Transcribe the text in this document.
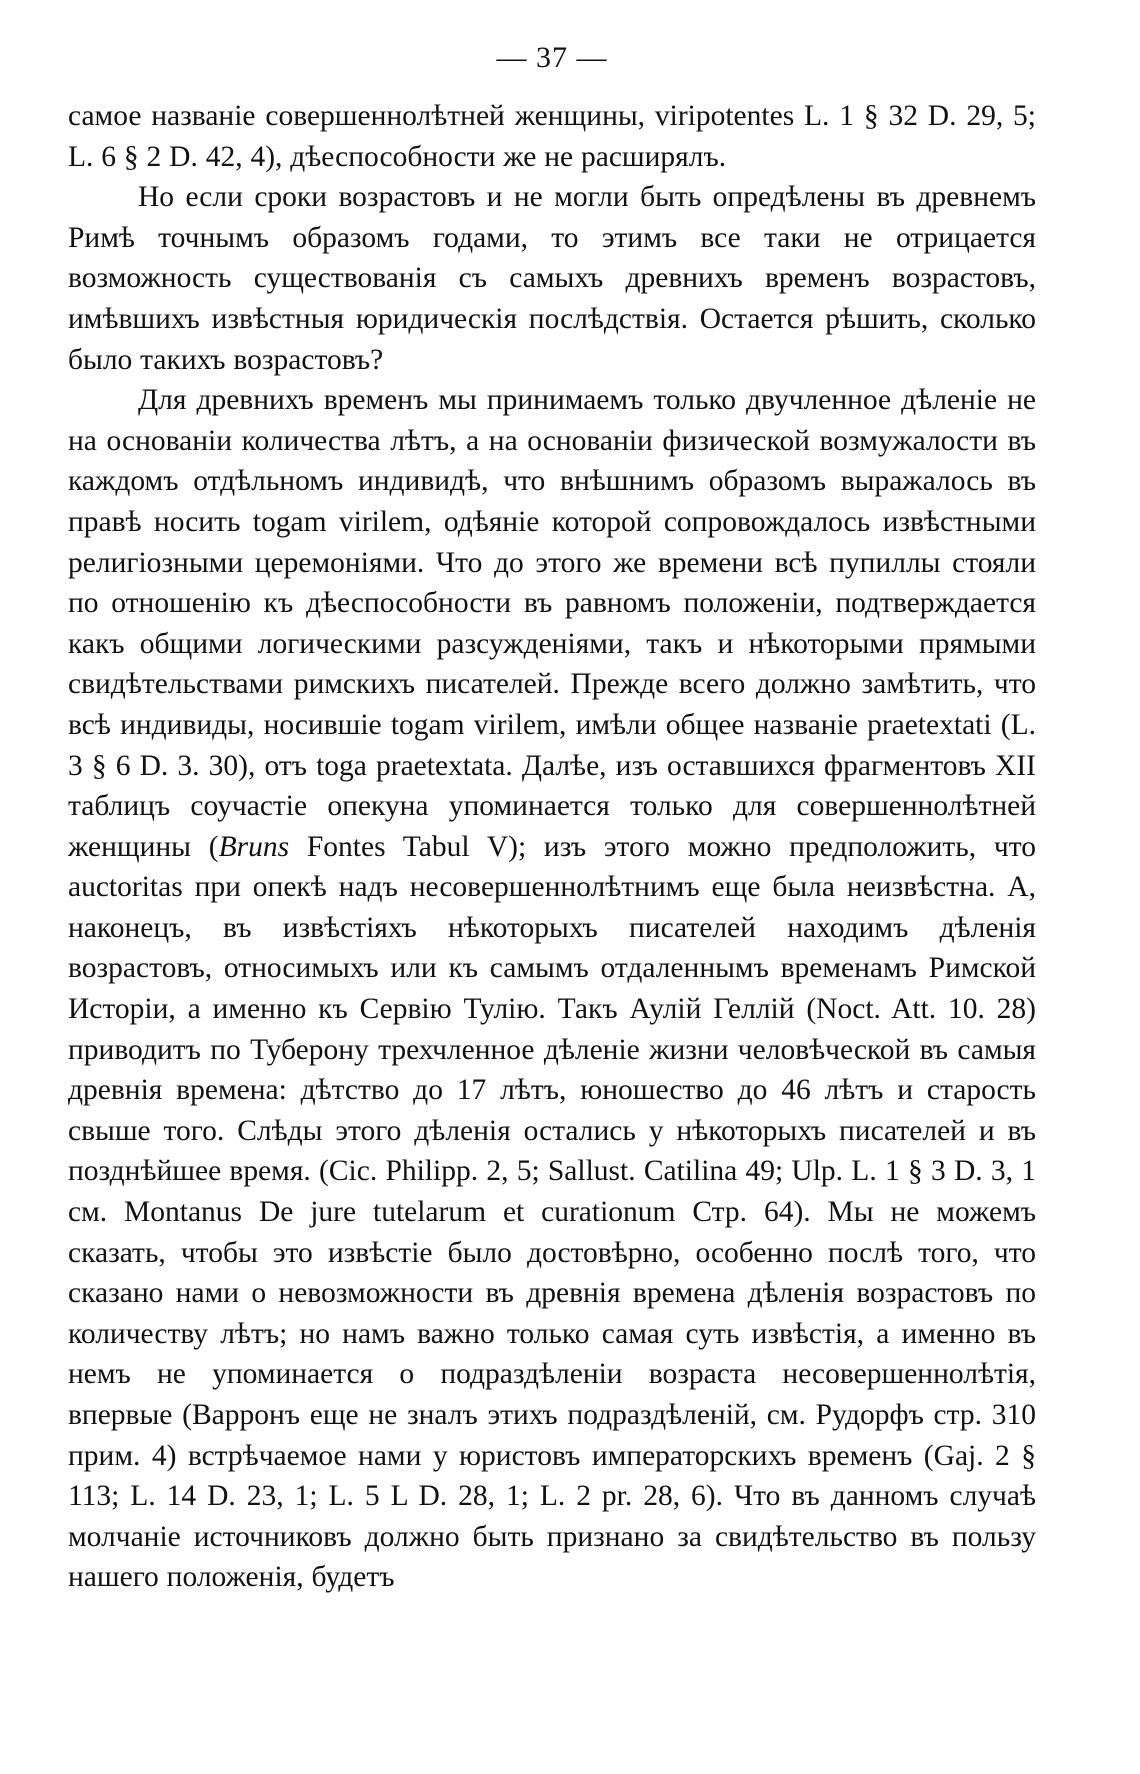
— 37 —

самое названіе совершеннолѣтней женщины, viripotentes L. 1 § 32 D. 29, 5; L. 6 § 2 D. 42, 4), дѣеспособности же не расширялъ.

Но если сроки возрастовъ и не могли быть опредѣлены въ древнемъ Римѣ точнымъ образомъ годами, то этимъ все таки не отрицается возможность существованія съ самыхъ древнихъ временъ возрастовъ, имѣвшихъ извѣстныя юридическія послѣдствія. Остается рѣшить, сколько было такихъ возрастовъ?

Для древнихъ временъ мы принимаемъ только двучленное дѣленіе не на основаніи количества лѣтъ, а на основаніи физической возмужалости въ каждомъ отдѣльномъ индивидѣ, что внѣшнимъ образомъ выражалось въ правѣ носить togam virilem, одѣяніе которой сопровождалось извѣстными религіозными церемоніями. Что до этого же времени всѣ пупиллы стояли по отношенію къ дѣеспособности въ равномъ положеніи, подтверждается какъ общими логическими разсужденіями, такъ и нѣкоторыми прямыми свидѣтельствами римскихъ писателей. Прежде всего должно замѣтить, что всѣ индивиды, носившіе togam virilem, имѣли общее названіе praetextati (L. 3 § 6 D. 3. 30), отъ toga praetextata. Далѣе, изъ оставшихся фрагментовъ XII таблицъ соучастіе опекуна упоминается только для совершеннолѣтней женщины (Bruns Fontes Tabul V); изъ этого можно предположить, что auctoritas при опекѣ надъ несовершеннолѣтнимъ еще была неизвѣстна. А, наконецъ, въ извѣстіяхъ нѣкоторыхъ писателей находимъ дѣленія возрастовъ, относимыхъ или къ самымъ отдаленнымъ временамъ Римской Исторіи, а именно къ Сервію Тулію. Такъ Аулій Геллій (Noct. Att. 10. 28) приводитъ по Туберону трехчленное дѣленіе жизни человѣческой въ самыя древнія времена: дѣтство до 17 лѣтъ, юношество до 46 лѣтъ и старость свыше того. Слѣды этого дѣленія остались у нѣкоторыхъ писателей и въ позднѣйшее время. (Cic. Philipp. 2, 5; Sallust. Catilina 49; Ulp. L. 1 § 3 D. 3, 1 см. Montanus De jure tutelarum et curationum Стр. 64). Мы не можемъ сказать, чтобы это извѣстіе было достовѣрно, особенно послѣ того, что сказано нами о невозможности въ древнія времена дѣленія возрастовъ по количеству лѣтъ; но намъ важно только самая суть извѣстія, а именно въ немъ не упоминается о подраздѣленіи возраста несовершеннолѣтія, впервые (Варронъ еще не зналъ этихъ подраздѣленій, см. Рудорфъ стр. 310 прим. 4) встрѣчаемое нами у юристовъ императорскихъ временъ (Gaj. 2 § 113; L. 14 D. 23, 1; L. 5 L D. 28, 1; L. 2 pr. 28, 6). Что въ данномъ случаѣ молчаніе источниковъ должно быть признано за свидѣтельство въ пользу нашего положенія, будетъ
